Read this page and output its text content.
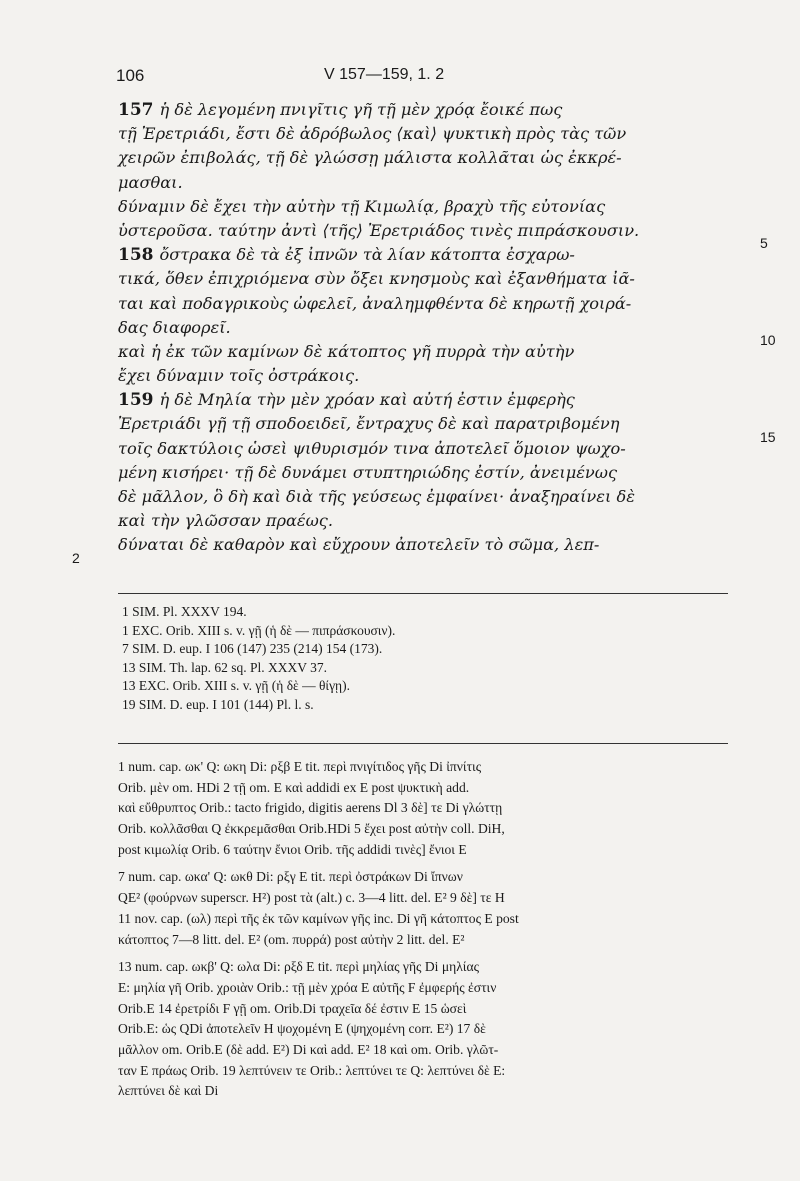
106	V 157—159, 1. 2
157 ἡ δὲ λεγομένη πνιγῖτις γῆ τῇ μὲν χρόᾳ ἔοικέ πως
τῇ Ἐρετριάδι, ἔστι δὲ ἀδρόβωλος ⟨καὶ⟩ ψυκτικὴ πρὸς τὰς τῶν
χειρῶν ἐπιβολάς, τῇ δὲ γλώσσῃ μάλιστα κολλᾶται ὡς ἐκκρέ-
μασθαι.
δύναμιν δὲ ἔχει τὴν αὐτὴν τῇ Κιμωλίᾳ, βραχὺ τῆς εὐτονίας
ὑστεροῦσα. ταύτην ἀντὶ ⟨τῆς⟩ Ἐρετριάδος τινὲς πιπράσκουσιν.
158 ὄστρακα δὲ τὰ ἐξ ἰπνῶν τὰ λίαν κάτοπτα ἐσχαρω-
τικά, ὅθεν ἐπιχριόμενα σὺν ὄξει κνησμοὺς καὶ ἐξανθήματα ἰᾶ-
ται καὶ ποδαγρικοὺς ὠφελεῖ, ἀναλημφθέντα δὲ κηρωτῇ χοιρά-
δας διαφορεῖ.
καὶ ἡ ἐκ τῶν καμίνων δὲ κάτοπτος γῆ πυρρὰ τὴν αὐτὴν
ἔχει δύναμιν τοῖς ὀστράκοις.
159 ἡ δὲ Μηλία τὴν μὲν χρόαν καὶ αὐτή ἐστιν ἐμφερὴς
Ἐρετριάδι γῇ τῇ σποδοειδεῖ, ἔντραχυς δὲ καὶ παρατριβομένη
τοῖς δακτύλοις ὡσεὶ ψιθυρισμόν τινα ἀποτελεῖ ὅμοιον ψωχο-
μένη κισήρει· τῇ δὲ δυνάμει στυπτηριώδης ἐστίν, ἀνειμένως
δὲ μᾶλλον, ὃ δὴ καὶ διὰ τῆς γεύσεως ἐμφαίνει· ἀναξηραίνει δὲ
καὶ τὴν γλῶσσαν πραέως.
δύναται δὲ καθαρὸν καὶ εὔχρουν ἀποτελεῖν τὸ σῶμα, λεπ-
5
10
15
2
1 SIM. Pl. XXXV 194.
1 EXC. Orib. XIII s. v. γῇ (ἡ δὲ — πιπράσκουσιν).
7 SIM. D. eup. I 106 (147) 235 (214) 154 (173).
13 SIM. Th. lap. 62 sq. Pl. XXXV 37.
13 EXC. Orib. XIII s. v. γῇ (ἡ δὲ — θίγῃ).
19 SIM. D. eup. I 101 (144) Pl. l. s.
1 num. cap. ωκ' Q: ωκη Di: ρξβ E tit. περὶ πνιγίτιδος γῆς Di ἰπνίτις
Orib. μὲν om. HDi 2 τῇ om. E καὶ addidi ex E post ψυκτικὴ add.
καὶ εὔθρυπτος Orib.: tacto frigido, digitis aerens Dl 3 δὲ] τε Di γλώττῃ
Orib. κολλᾶσθαι Q ἐκκρεμᾶσθαι Orib.HDi 5 ἔχει post αὐτὴν coll. DiH,
post κιμωλίᾳ Orib. 6 ταύτην ἔνιοι Orib. τῆς addidi τινὲς] ἔνιοι E
7 num. cap. ωκα' Q: ωκθ Di: ρξγ E tit. περὶ ὀστράκων Di ἴπνων
QE² (φούρνων superscr. H²) post τὰ (alt.) c. 3—4 litt. del. E² 9 δὲ] τε H
11 nov. cap. (ωλ) περὶ τῆς ἐκ τῶν καμίνων γῆς inc. Di γῆ κάτοπτος E post
κάτοπτος 7—8 litt. del. E² (om. πυρρά) post αὐτὴν 2 litt. del. E²
13 num. cap. ωκβ' Q: ωλα Di: ρξδ E tit. περὶ μηλίας γῆς Di μηλίας
E: μηλία γῆ Orib. χροιὰν Orib.: τῇ μὲν χρόα E αὐτῆς F ἐμφερής ἐστιν
Orib.E 14 ἐρετρίδι F γῇ om. Orib.Di τραχεῖα δέ ἐστιν E 15 ὡσεὶ
Orib.E: ὡς QDi ἀποτελεῖν H ψοχομένη E (ψηχομένη corr. E²) 17 δὲ
μᾶλλον om. Orib.E (δὲ add. E²) Di καὶ add. E² 18 καὶ om. Orib. γλῶτ-
ταν E πράως Orib. 19 λεπτύνειν τε Orib.: λεπτύνει τε Q: λεπτύνει δὲ E:
λεπτύνει δὲ καὶ Di
